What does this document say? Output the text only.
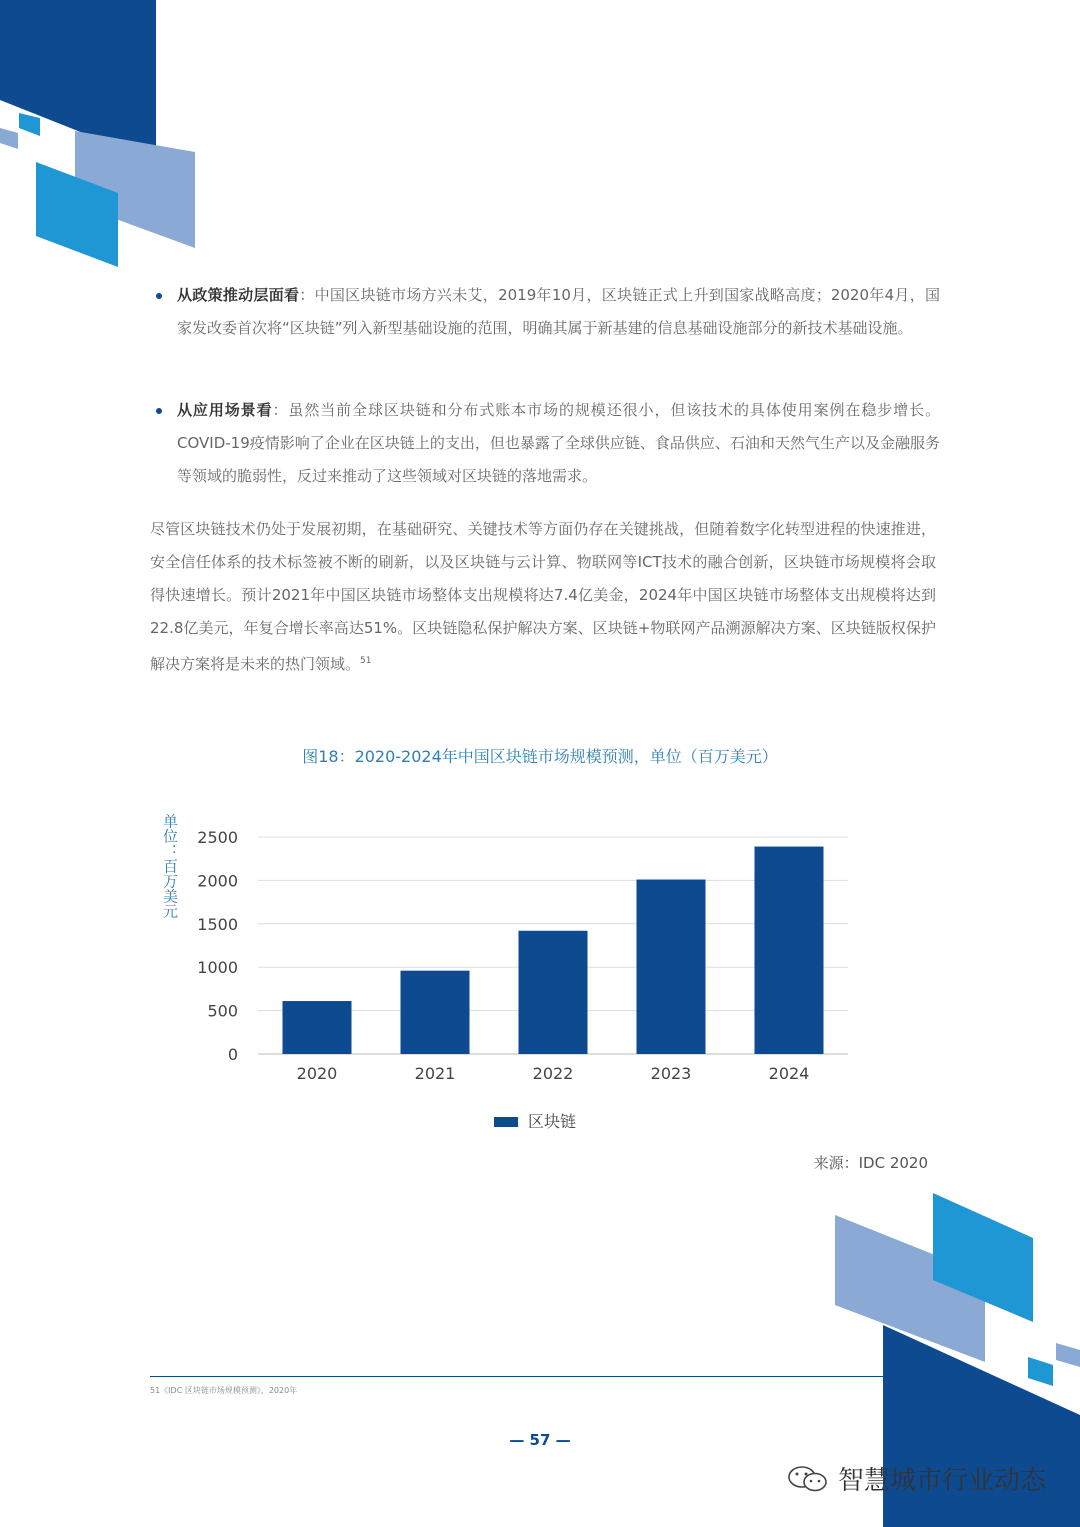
从政策推动层面看：中国区块链市场方兴未艾，2019年10月，区块链正式上升到国家战略高度；2020年4月，国家发改委首次将“区块链”列入新型基础设施的范围，明确其属于新基建的信息基础设施部分的新技术基础设施。
从应用场景看：虽然当前全球区块链和分布式账本市场的规模还很小，但该技术的具体使用案例在稳步增长。COVID-19疫情影响了企业在区块链上的支出，但也暴露了全球供应链、食品供应、石油和天然气生产以及金融服务等领域的脆弱性，反过来推动了这些领域对区块链的落地需求。
尽管区块链技术仍处于发展初期，在基础研究、关键技术等方面仍存在关键挑战，但随着数字化转型进程的快速推进，安全信任体系的技术标签被不断的刷新，以及区块链与云计算、物联网等ICT技术的融合创新，区块链市场规模将会取得快速增长。预计2021年中国区块链市场整体支出规模将达7.4亿美金，2024年中国区块链市场整体支出规模将达到22.8亿美元，年复合增长率高达51%。区块链隐私保护解决方案、区块链+物联网产品溯源解决方案、区块链版权保护解决方案将是未来的热门领域。$^{51}$
图18：2020-2024年中国区块链市场规模预测，单位（百万美元）
0
500
1000
1500
2000
2500
2020	2021	2022	2023	2024
单位：百万美元
区块链
来源：IDC 2020
51《IDC 区块链市场规模预测》，2020年
— 57 —
智慧城市行业动态
